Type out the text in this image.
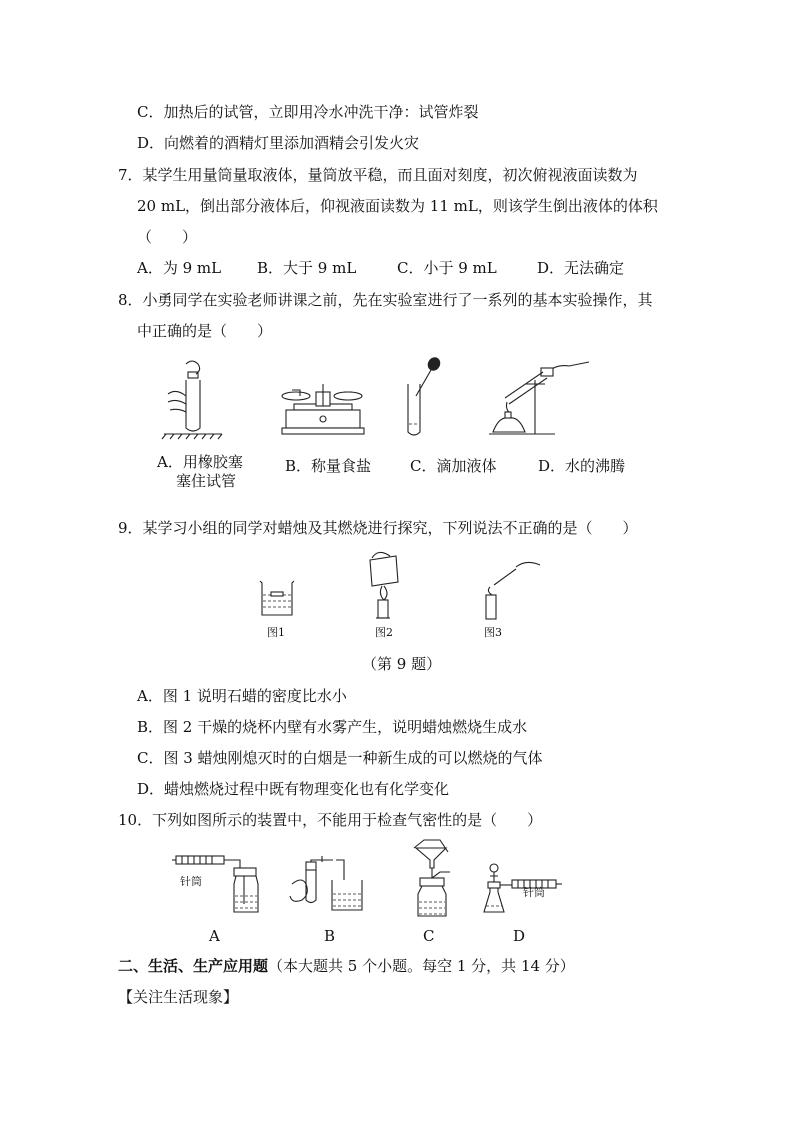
C．加热后的试管，立即用冷水冲洗干净：试管炸裂
D．向燃着的酒精灯里添加酒精会引发火灾
7．某学生用量筒量取液体，量筒放平稳，而且面对刻度，初次俯视液面读数为
20 mL，倒出部分液体后，仰视液面读数为 11 mL，则该学生倒出液体的体积
（　　）
A．为 9 mL B．大于 9 mL	C．小于 9 mL	D．无法确定
8．小勇同学在实验老师讲课之前，先在实验室进行了一系列的基本实验操作，其
中正确的是（　　）
A．用橡胶塞
塞住试管
B．称量食盐	C．滴加液体	D．水的沸腾
9．某学习小组的同学对蜡烛及其燃烧进行探究，下列说法不正确的是（　　）
图1	图2	图3
（第 9 题）
A．图 1 说明石蜡的密度比水小
B．图 2 干燥的烧杯内壁有水雾产生，说明蜡烛燃烧生成水
C．图 3 蜡烛刚熄灭时的白烟是一种新生成的可以燃烧的气体
D．蜡烛燃烧过程中既有物理变化也有化学变化
10．下列如图所示的装置中，不能用于检查气密性的是（　　）
针筒
针筒
A	B	C	D
二、生活、生产应用题（本大题共 5 个小题。每空 1 分，共 14 分）
【关注生活现象】
